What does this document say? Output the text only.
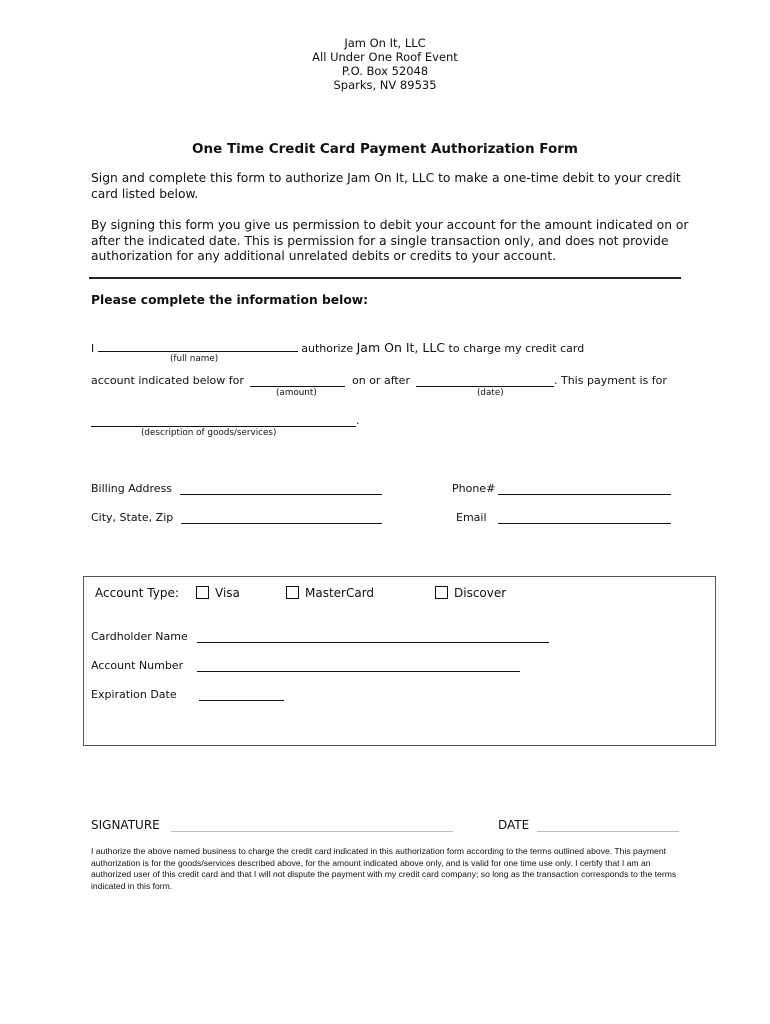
Jam On It, LLC
All Under One Roof Event
P.O. Box 52048
Sparks, NV 89535
One Time Credit Card Payment Authorization Form
Sign and complete this form to authorize Jam On It, LLC to make a one-time debit to your credit card listed below.
By signing this form you give us permission to debit your account for the amount indicated on or after the indicated date. This is permission for a single transaction only, and does not provide authorization for any additional unrelated debits or credits to your account.
Please complete the information below:
I	authorize Jam On It, LLC to charge my credit card
(full name)
account indicated below for	on or after	. This payment is for
(amount)	(date)
.
(description of goods/services)
Billing Address	Phone#
City, State, Zip	Email
Account Type:	Visa	MasterCard	Discover
Cardholder Name
Account Number
Expiration Date
SIGNATURE	DATE
I authorize the above named business to charge the credit card indicated in this authorization form according to the terms outlined above. This payment authorization is for the goods/services described above, for the amount indicated above only, and is valid for one time use only. I certify that I am an authorized user of this credit card and that I will not dispute the payment with my credit card company; so long as the transaction corresponds to the terms indicated in this form.
